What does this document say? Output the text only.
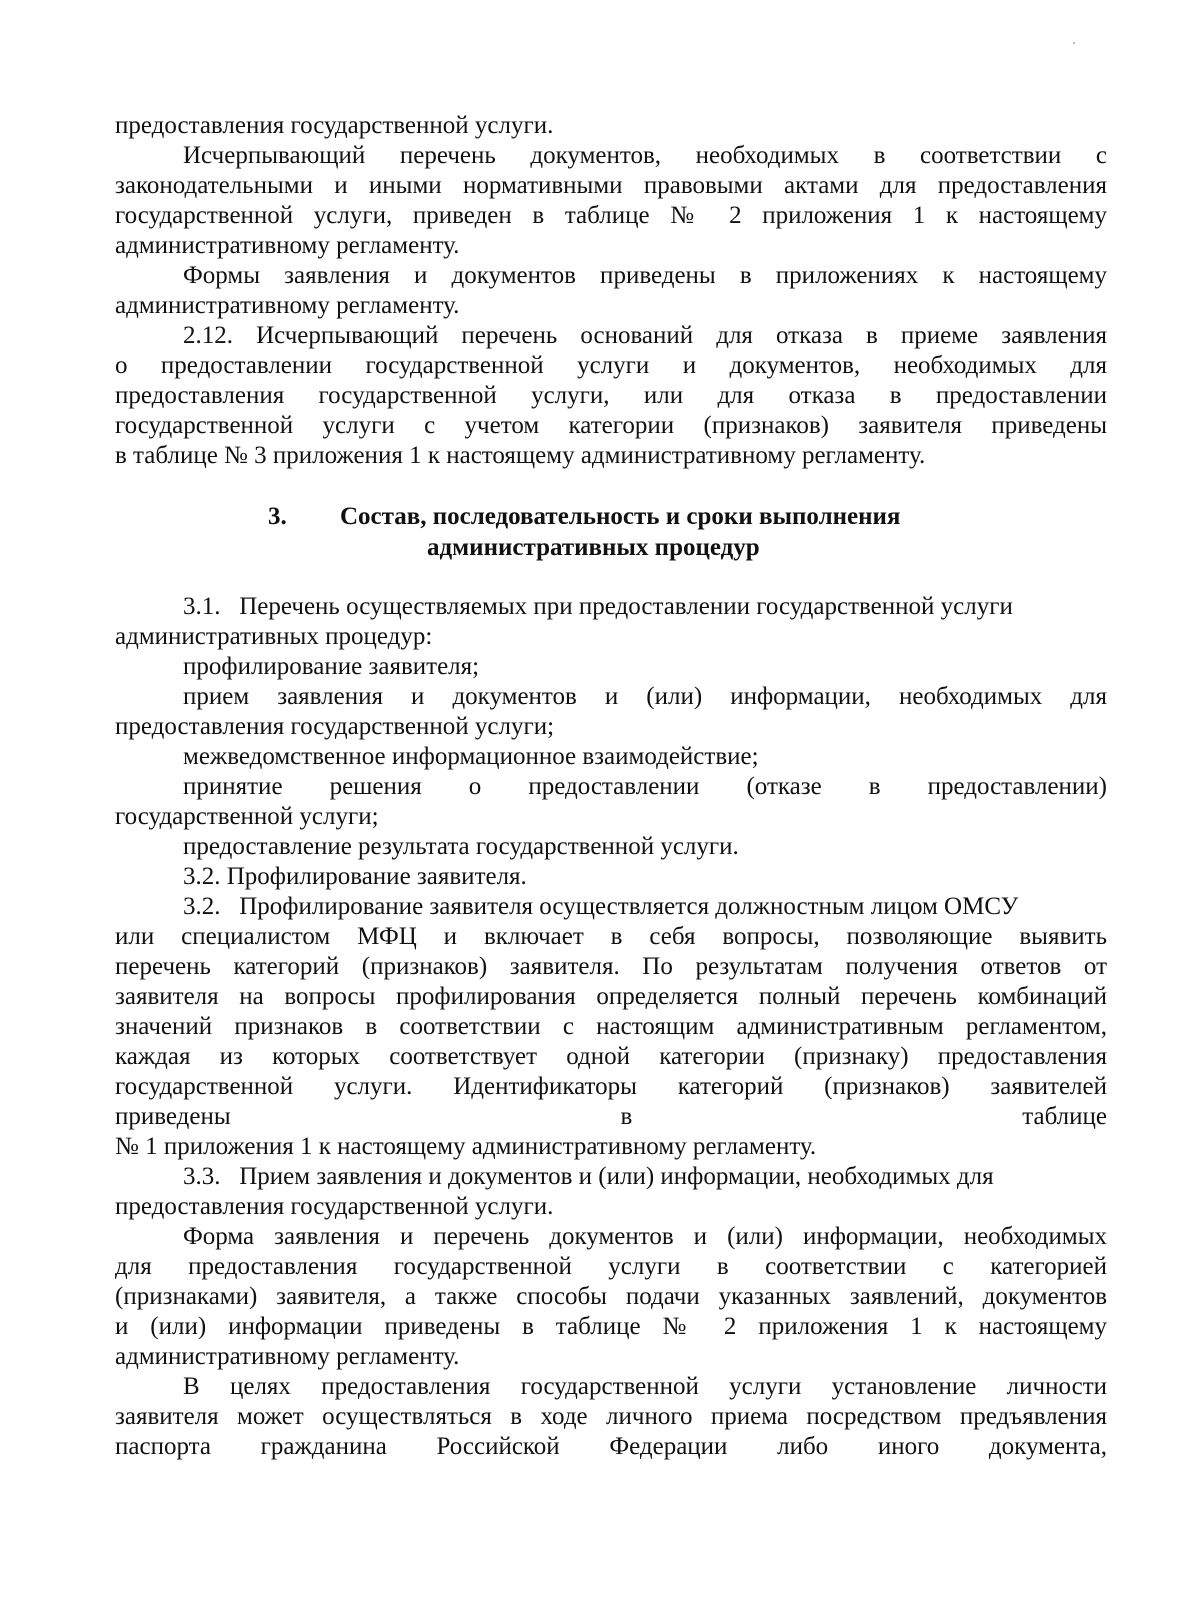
предоставления государственной услуги.
Исчерпывающий перечень документов, необходимых в соответствии с
законодательными и иными нормативными правовыми актами для предоставления
государственной услуги, приведен в таблице № 2 приложения 1 к настоящему
административному регламенту.
Формы заявления и документов приведены в приложениях к настоящему
административному регламенту.
2.12. Исчерпывающий перечень оснований для отказа в приеме заявления
о предоставлении государственной услуги и документов, необходимых для
предоставления государственной услуги, или для отказа в предоставлении
государственной услуги с учетом категории (признаков) заявителя приведены
в таблице № 3 приложения 1 к настоящему административному регламенту.
3. Состав, последовательность и сроки выполнения
административных процедур
3.1.   Перечень осуществляемых при предоставлении государственной услуги
административных процедур:
профилирование заявителя;
прием заявления и документов и (или) информации, необходимых для
предоставления государственной услуги;
межведомственное информационное взаимодействие;
принятие решения о предоставлении (отказе в предоставлении)
государственной услуги;
предоставление результата государственной услуги.
3.2. Профилирование заявителя.
3.2.   Профилирование заявителя осуществляется должностным лицом ОМСУ
или специалистом МФЦ и включает в себя вопросы, позволяющие выявить
перечень категорий (признаков) заявителя. По результатам получения ответов от
заявителя на вопросы профилирования определяется полный перечень комбинаций
значений признаков в соответствии с настоящим административным регламентом,
каждая из которых соответствует одной категории (признаку) предоставления
государственной услуги. Идентификаторы категорий (признаков) заявителей
приведены в таблице
№ 1 приложения 1 к настоящему административному регламенту.
3.3.   Прием заявления и документов и (или) информации, необходимых для
предоставления государственной услуги.
Форма заявления и перечень документов и (или) информации, необходимых
для предоставления государственной услуги в соответствии с категорией
(признаками) заявителя, а также способы подачи указанных заявлений, документов
и (или) информации приведены в таблице № 2 приложения 1 к настоящему
административному регламенту.
В целях предоставления государственной услуги установление личности
заявителя может осуществляться в ходе личного приема посредством предъявления
паспорта гражданина Российской Федерации либо иного документа,
